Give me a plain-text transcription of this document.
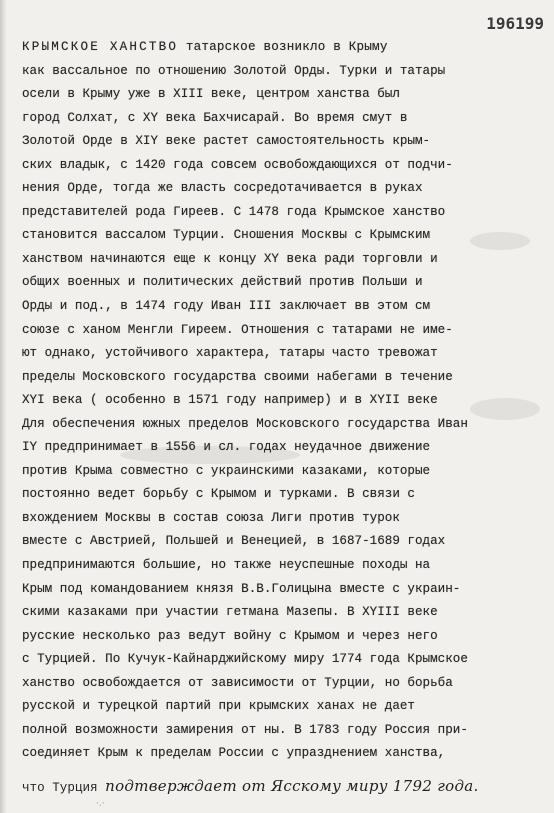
196199
КРЫМСКОЕ ХАНСТВО татарское возникло в Крыму
как вассальное по отношению Золотой Орды. Турки и татары
осели в Крыму уже в XIII веке, центром ханства был
город Солхат, с XY века Бахчисарай. Во время смут в
Золотой Орде в XIY веке растет самостоятельность крым-
ских владык, с 1420 года совсем освобождающихся от подчи-
нения Орде, тогда же власть сосредотачивается в руках
представителей рода Гиреев. С 1478 года Крымское ханство
становится вассалом Турции. Сношения Москвы с Крымским
ханством начинаются еще к концу XY века ради торговли и
общих военных и политических действий против Польши и
Орды и под., в 1474 году Иван III заключает вв этом см
союзе с ханом Менгли Гиреем. Отношения с татарами не име-
ют однако, устойчивого характера, татары часто тревожат
пределы Московского государства своими набегами в течение
XYI века ( особенно в 1571 году например) и в XYII веке
Для обеспечения южных пределов Московского государства Иван
IY предпринимает в 1556 и сл. годах неудачное движение
против Крыма совместно с украинскими казаками, которые
постоянно ведет борьбу с Крымом и турками. В связи с
вхождением Москвы в состав союза Лиги против турок
вместе с Австрией, Польшей и Венецией, в 1687-1689 годах
предпринимаются большие, но также неуспешные походы на
Крым под командованием князя В.В.Голицына вместе с украин-
скими казаками при участии гетмана Мазепы. В XYIII веке
русские несколько раз ведут войну с Крымом и через него
с Турцией. По Кучук-Кайнарджийскому миру 1774 года Крымское
ханство освобождается от зависимости от Турции, но борьба
русской и турецкой партий при крымских ханах не дает
полной возможности замирения от ны. В 1783 году Россия при-
соединяет Крым к пределам России с упразднением ханства,
что Турция подтверждает от Ясскому миру 1792 года.
·.·
